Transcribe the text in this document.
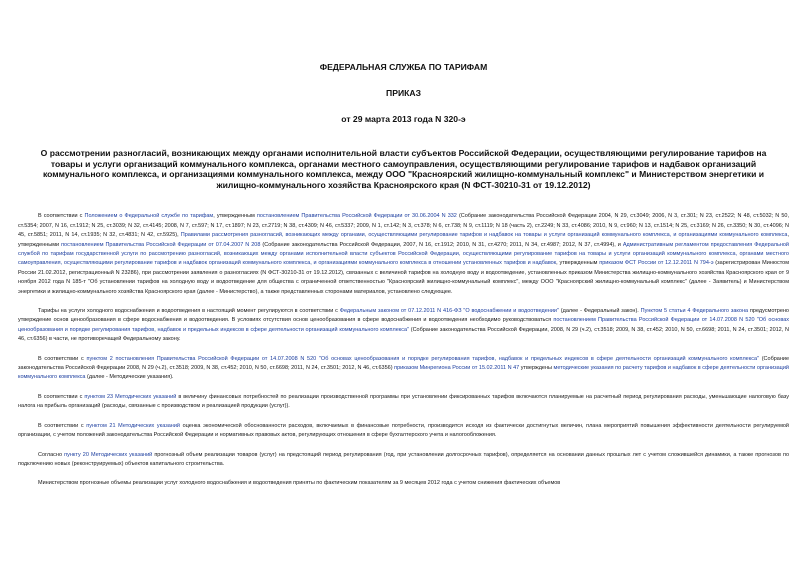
ФЕДЕРАЛЬНАЯ СЛУЖБА ПО ТАРИФАМ
ПРИКАЗ
от 29 марта 2013 года N 320-э
О рассмотрении разногласий, возникающих между органами исполнительной власти субъектов Российской Федерации, осуществляющими регулирование тарифов на товары и услуги организаций коммунального комплекса, органами местного самоуправления, осуществляющими регулирование тарифов и надбавок организаций коммунального комплекса, и организациями коммунального комплекса, между ООО "Красноярский жилищно-коммунальный комплекс" и Министерством энергетики и жилищно-коммунального хозяйства Красноярского края (N ФСТ-30210-31 от 19.12.2012)

В соответствии с Положением о Федеральной службе по тарифам, утвержденным постановлением Правительства Российской Федерации от 30.06.2004 N 332 (Собрание законодательства Российской Федерации 2004, N 29, ст.3049; 2006, N 3, ст.301; N 23, ст.2522; N 48, ст.5032; N 50, ст.5354; 2007, N 16, ст.1912; N 25, ст.3039; N 32, ст.4145; 2008, N 7, ст.597; N 17, ст.1897; N 23, ст.2719; N 38, ст.4309; N 46, ст.5337; 2009, N 1, ст.142; N 3, ст.378; N 6, ст.738; N 9, ст.1119; N 18 (часть 2), ст.2249; N 33, ст.4086; 2010, N 9, ст.960; N 13, ст.1514; N 25, ст.3169; N 26, ст.3350; N 30, ст.4096; N 45, ст.5851; 2011, N 14, ст.1935; N 32, ст.4831; N 42, ст.5925), Правилами рассмотрения разногласий, возникающих между органами, осуществляющими регулирование тарифов и надбавок на товары и услуги организаций коммунального комплекса, и организациями коммунального комплекса, утвержденными постановлением Правительства Российской Федерации от 07.04.2007 N 208 (Собрание законодательства Российской Федерации, 2007, N 16, ст.1912; 2010, N 31, ст.4270; 2011, N 34, ст.4987; 2012, N 37, ст.4994), и Административным регламентом предоставления Федеральной службой по тарифам государственной услуги по рассмотрению разногласий, возникающих между органами исполнительной власти субъектов Российской Федерации, осуществляющими регулирование тарифов на товары и услуги организаций коммунального комплекса, органами местного самоуправления, осуществляющими регулирование тарифов и надбавок организаций коммунального комплекса, и организациями коммунального комплекса в отношении установленных тарифов и надбавок, утвержденным приказом ФСТ России от 12.12.2011 N 794-э (зарегистрирован Минюстом России 21.02.2012, регистрационный N 23286), при рассмотрении заявления о разногласиях (N ФСТ-30210-31 от 19.12.2012), связанных с величиной тарифов на холодную воду и водоотведение, установленных приказом Министерства жилищно-коммунального хозяйства Красноярского края от 9 ноября 2012 года N 185-т "Об установлении тарифов на холодную воду и водоотведение для общества с ограниченной ответственностью "Красноярский жилищно-коммунальный комплекс", между ООО "Красноярский жилищно-коммунальный комплекс" (далее - Заявитель) и Министерством энергетики и жилищно-коммунального хозяйства Красноярского края (далее - Министерство), а также представленных сторонами материалов, установлено следующее.

Тарифы на услуги холодного водоснабжения и водоотведения в настоящий момент регулируются в соответствии с Федеральным законом от 07.12.2011 N 416-ФЗ "О водоснабжении и водоотведении" (далее - Федеральный закон). Пунктом 5 статьи 4 Федерального закона предусмотрено утверждение основ ценообразования в сфере водоснабжения и водоотведения. В условиях отсутствия основ ценообразования в сфере водоснабжения и водоотведения необходимо руководствоваться постановлением Правительства Российской Федерации от 14.07.2008 N 520 "Об основах ценообразования и порядке регулирования тарифов, надбавок и предельных индексов в сфере деятельности организаций коммунального комплекса" (Собрание законодательства Российской Федерации, 2008, N 29 (ч.2), ст.3518; 2009, N 38, ст.452; 2010, N 50, ст.6698; 2011, N 24, ст.3501; 2012, N 46, ст.6356) в части, не противоречащей Федеральному закону.

В соответствии с пунктом 2 постановления Правительства Российской Федерации от 14.07.2008 N 520 "Об основах ценообразования и порядке регулирования тарифов, надбавок и предельных индексов в сфере деятельности организаций коммунального комплекса" (Собрание законодательства Российской Федерации 2008, N 29 (ч.2), ст.3518; 2009, N 38, ст.452; 2010, N 50, ст.6698; 2011, N 24, ст.3501; 2012, N 46, ст.6356) приказом Минрегиона России от 15.02.2011 N 47 утверждены методические указания по расчету тарифов и надбавок в сфере деятельности организаций коммунального комплекса (далее - Методические указания).

В соответствии с пунктом 23 Методических указаний в величину финансовых потребностей по реализации производственной программы при установлении фиксированных тарифов включаются планируемые на расчетный период регулирования расходы, уменьшающие налоговую базу налога на прибыль организаций (расходы, связанные с производством и реализацией продукции (услуг)).

В соответствии с пунктом 21 Методических указаний оценка экономической обоснованности расходов, включаемых в финансовые потребности, производится исходя из фактически достигнутых величин, плана мероприятий повышения эффективности деятельности регулируемой организации, с учетом положений законодательства Российской Федерации и нормативных правовых актов, регулирующих отношения в сфере бухгалтерского учета и налогообложения.

Согласно пункту 20 Методических указаний прогнозный объем реализации товаров (услуг) на предстоящий период регулирования (год, при установлении долгосрочных тарифов), определяется на основании данных прошлых лет с учетом сложившейся динамики, а также прогнозов по подключению новых (реконструируемых) объектов капитального строительства.

Министерством прогнозные объемы реализации услуг холодного водоснабжения и водоотведения приняты по фактическим показателям за 9 месяцев 2012 года с учетом снижения фактических объемов
